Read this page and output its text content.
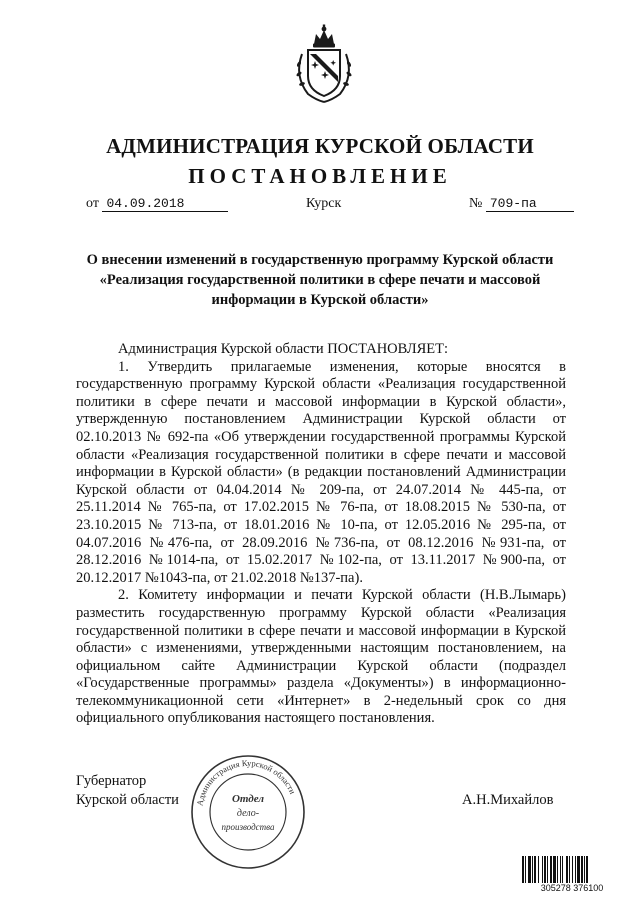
АДМИНИСТРАЦИЯ КУРСКОЙ ОБЛАСТИ
ПОСТАНОВЛЕНИЕ
от 04.09.2018	Курск	№ 709-па
О внесении изменений в государственную программу Курской области «Реализация государственной политики в сфере печати и массовой информации в Курской области»

Администрация Курской области ПОСТАНОВЛЯЕТ:

1. Утвердить прилагаемые изменения, которые вносятся в государственную программу Курской области «Реализация государственной политики в сфере печати и массовой информации в Курской области», утвержденную постановлением Администрации Курской области от 02.10.2013 № 692-па «Об утверждении государственной программы Курской области «Реализация государственной политики в сфере печати и массовой информации в Курской области» (в редакции постановлений Администрации Курской области от 04.04.2014 № 209-па, от 24.07.2014 № 445-па, от 25.11.2014 № 765-па, от 17.02.2015 № 76-па, от 18.08.2015 № 530-па, от 23.10.2015 № 713-па, от 18.01.2016 № 10-па, от 12.05.2016 № 295-па, от 04.07.2016 №476-па, от 28.09.2016 №736-па, от 08.12.2016 №931-па, от 28.12.2016 №1014-па, от 15.02.2017 №102-па, от 13.11.2017 №900-па, от 20.12.2017 №1043-па, от 21.02.2018 №137-па).

2. Комитету информации и печати Курской области (Н.В.Лымарь) разместить государственную программу Курской области «Реализация государственной политики в сфере печати и массовой информации в Курской области» с изменениями, утвержденными настоящим постановлением, на официальном сайте Администрации Курской области (подраздел «Государственные программы» раздела «Документы») в информационно-телекоммуникационной сети «Интернет» в 2-недельный срок со дня официального опубликования настоящего постановления.

Губернатор
Курской области	А.Н.Михайлов
Администрация Курской области
Отдел
дело-
производства
305278 376100
